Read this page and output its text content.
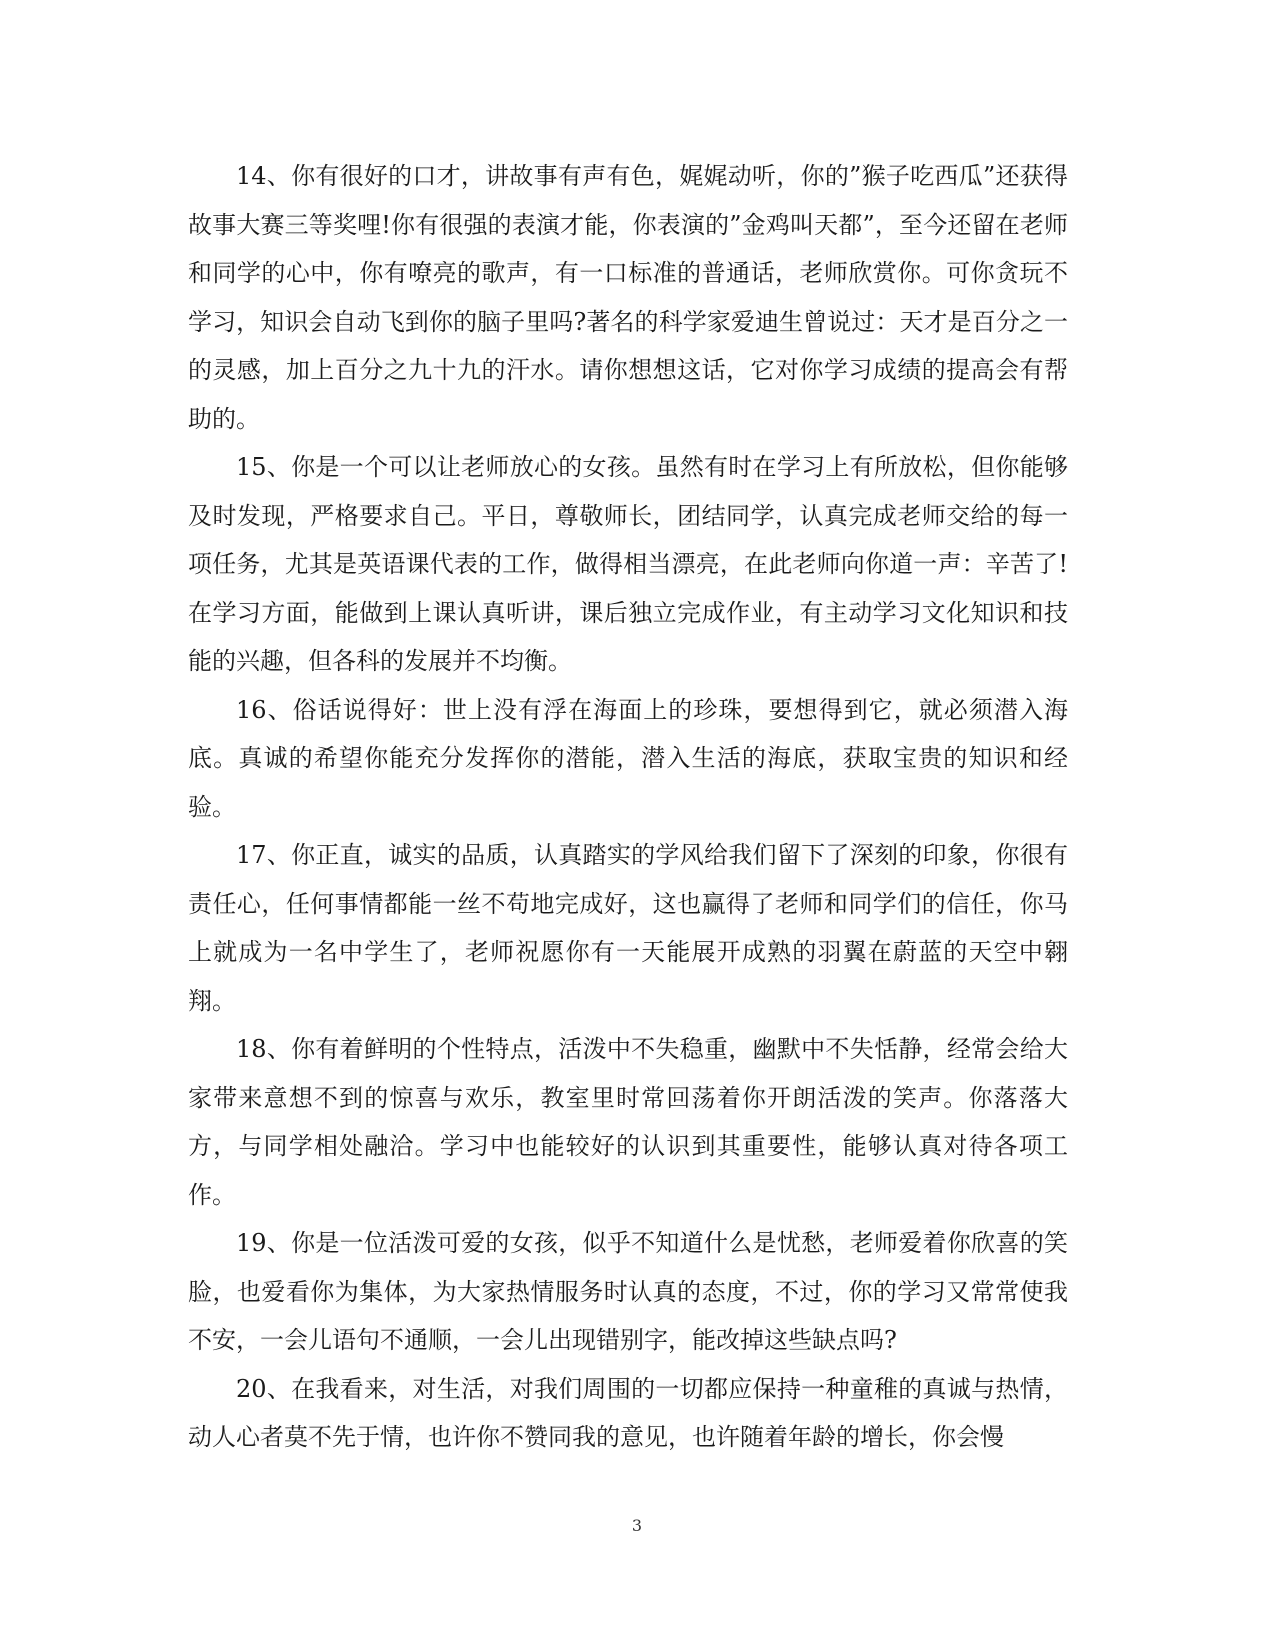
14、你有很好的口才，讲故事有声有色，娓娓动听，你的”猴子吃西瓜”还获得故事大赛三等奖哩!你有很强的表演才能，你表演的”金鸡叫天都”，至今还留在老师和同学的心中，你有嘹亮的歌声，有一口标准的普通话，老师欣赏你。可你贪玩不学习，知识会自动飞到你的脑子里吗?著名的科学家爱迪生曾说过：天才是百分之一的灵感，加上百分之九十九的汗水。请你想想这话，它对你学习成绩的提高会有帮助的。

15、你是一个可以让老师放心的女孩。虽然有时在学习上有所放松，但你能够及时发现，严格要求自己。平日，尊敬师长，团结同学，认真完成老师交给的每一项任务，尤其是英语课代表的工作，做得相当漂亮，在此老师向你道一声：辛苦了!在学习方面，能做到上课认真听讲，课后独立完成作业，有主动学习文化知识和技能的兴趣，但各科的发展并不均衡。

16、俗话说得好：世上没有浮在海面上的珍珠，要想得到它，就必须潜入海底。真诚的希望你能充分发挥你的潜能，潜入生活的海底，获取宝贵的知识和经验。

17、你正直，诚实的品质，认真踏实的学风给我们留下了深刻的印象，你很有责任心，任何事情都能一丝不苟地完成好，这也赢得了老师和同学们的信任，你马上就成为一名中学生了，老师祝愿你有一天能展开成熟的羽翼在蔚蓝的天空中翱翔。

18、你有着鲜明的个性特点，活泼中不失稳重，幽默中不失恬静，经常会给大家带来意想不到的惊喜与欢乐，教室里时常回荡着你开朗活泼的笑声。你落落大方，与同学相处融洽。学习中也能较好的认识到其重要性，能够认真对待各项工作。

19、你是一位活泼可爱的女孩，似乎不知道什么是忧愁，老师爱着你欣喜的笑脸，也爱看你为集体，为大家热情服务时认真的态度，不过，你的学习又常常使我不安，一会儿语句不通顺，一会儿出现错别字，能改掉这些缺点吗?

20、在我看来，对生活，对我们周围的一切都应保持一种童稚的真诚与热情，动人心者莫不先于情，也许你不赞同我的意见，也许随着年龄的增长，你会慢

3
